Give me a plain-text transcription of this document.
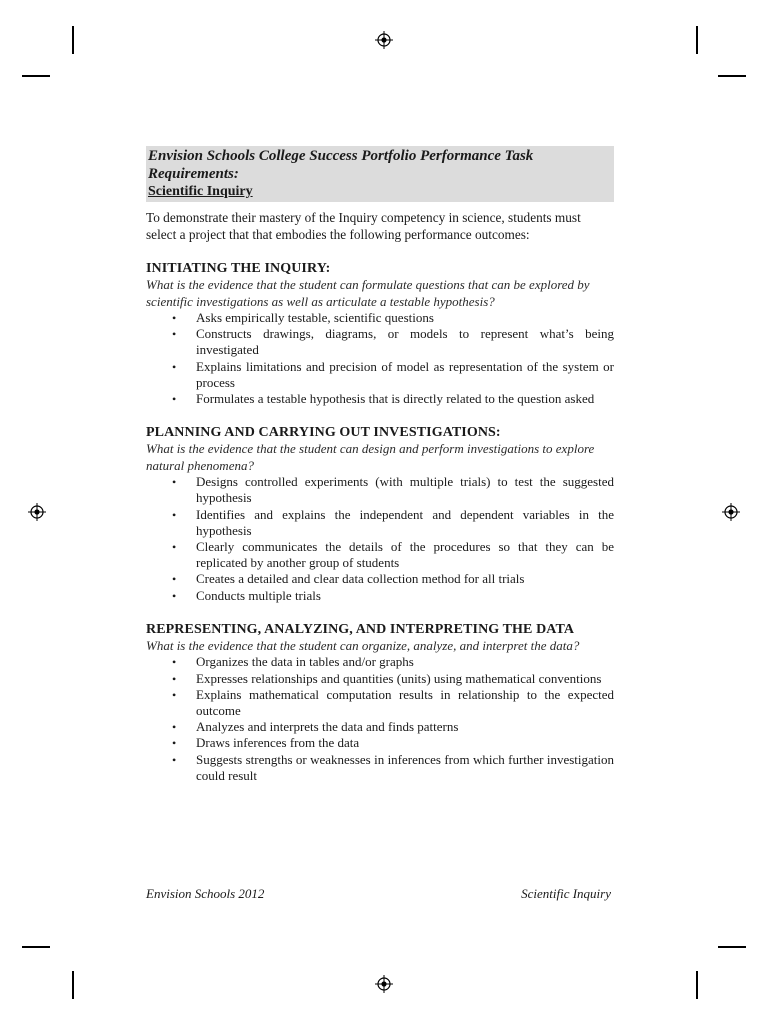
Envision Schools College Success Portfolio Performance Task Requirements:

Scientific Inquiry

To demonstrate their mastery of the Inquiry competency in science, students must select a project that that embodies the following performance outcomes:

INITIATING THE INQUIRY:

What is the evidence that the student can formulate questions that can be explored by scientific investigations as well as articulate a testable hypothesis?

• Asks empirically testable, scientific questions
• Constructs drawings, diagrams, or models to represent what’s being investigated
• Explains limitations and precision of model as representation of the system or process
• Formulates a testable hypothesis that is directly related to the question asked
PLANNING AND CARRYING OUT INVESTIGATIONS:

What is the evidence that the student can design and perform investigations to explore natural phenomena?

• Designs controlled experiments (with multiple trials) to test the suggested hypothesis
• Identifies and explains the independent and dependent variables in the hypothesis
• Clearly communicates the details of the procedures so that they can be replicated by another group of students
• Creates a detailed and clear data collection method for all trials
• Conducts multiple trials
REPRESENTING, ANALYZING, AND INTERPRETING THE DATA

What is the evidence that the student can organize, analyze, and interpret the data?

• Organizes the data in tables and/or graphs
• Expresses relationships and quantities (units) using mathematical conventions
• Explains mathematical computation results in relationship to the expected outcome
• Analyzes and interprets the data and finds patterns
• Draws inferences from the data
• Suggests strengths or weaknesses in inferences from which further investigation could result
Envision Schools 2012	Scientific Inquiry
